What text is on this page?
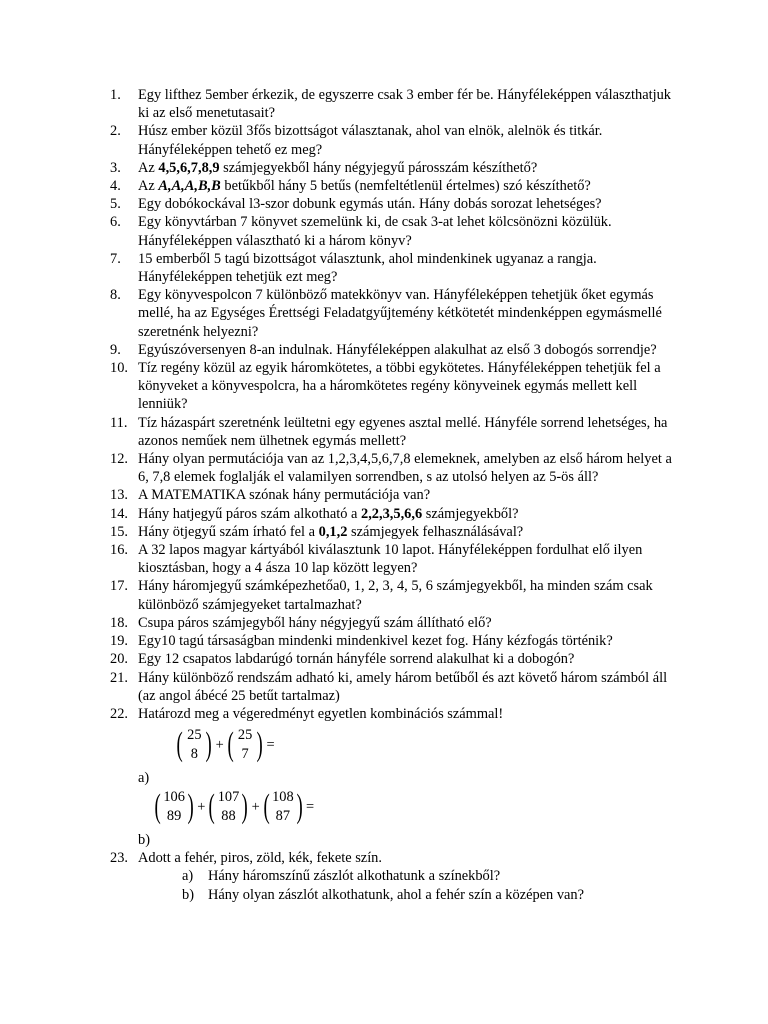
1. Egy lifthez 5ember érkezik, de egyszerre csak 3 ember fér be. Hányféleképpen választhatjuk ki az első menetutasait?
2. Húsz ember közül 3fős bizottságot választanak, ahol van elnök, alelnök és titkár. Hányféleképpen tehető ez meg?
3. Az 4,5,6,7,8,9 számjegyekből hány négyjegyű párosszám készíthető?
4. Az A,A,A,B,B betűkből hány 5 betűs (nemfeltétlenül értelmes) szó készíthető?
5. Egy dobókockával l3-szor dobunk egymás után. Hány dobás sorozat lehetséges?
6. Egy könyvtárban 7 könyvet szemelünk ki, de csak 3-at lehet kölcsönözni közülük. Hányféleképpen választható ki a három könyv?
7. 15 emberből 5 tagú bizottságot választunk, ahol mindenkinek ugyanaz a rangja. Hányféleképpen tehetjük ezt meg?
8. Egy könyvespolcon 7 különböző matekkönyv van. Hányféleképpen tehetjük őket egymás mellé, ha az Egységes Érettségi Feladatgyűjtemény kétkötetét mindenképpen egymásmellé szeretnénk helyezni?
9. Egyúszóversenyen 8-an indulnak. Hányféleképpen alakulhat az első 3 dobogós sorrendje?
10. Tíz regény közül az egyik háromkötetes, a többi egykötetes. Hányféleképpen tehetjük fel a könyveket a könyvespolcra, ha a háromkötetes regény könyveinek egymás mellett kell lenniük?
11. Tíz házaspárt szeretnénk leültetni egy egyenes asztal mellé. Hányféle sorrend lehetséges, ha azonos neműek nem ülhetnek egymás mellett?
12. Hány olyan permutációja van az 1,2,3,4,5,6,7,8 elemeknek, amelyben az első három helyet a 6, 7,8 elemek foglalják el valamilyen sorrendben, s az utolsó helyen az 5-ös áll?
13. A MATEMATIKA szónak hány permutációja van?
14. Hány hatjegyű páros szám alkotható a 2,2,3,5,6,6 számjegyekből?
15. Hány ötjegyű szám írható fel a 0,1,2 számjegyek felhasználásával?
16. A 32 lapos magyar kártyából kiválasztunk 10 lapot. Hányféleképpen fordulhat elő ilyen kiosztásban, hogy a 4 ásza 10 lap között legyen?
17. Hány háromjegyű számképezhetőa0, 1, 2, 3, 4, 5, 6 számjegyekből, ha minden szám csak különböző számjegyeket tartalmazhat?
18. Csupa páros számjegyből hány négyjegyű szám állítható elő?
19. Egy10 tagú társaságban mindenki mindenkivel kezet fog. Hány kézfogás történik?
20. Egy 12 csapatos labdarúgó tornán hányféle sorrend alakulhat ki a dobogón?
21. Hány különböző rendszám adható ki, amely három betűből és azt követő három számból áll (az angol ábécé 25 betűt tartalmaz)
22. Határozd meg a végeredményt egyetlen kombinációs számmal!
( 25
8 ) + ( 25
7 ) =
a)
( 106
89 ) + ( 107
88 ) + ( 108
87 ) =
b)
23. Adott a fehér, piros, zöld, kék, fekete szín.
a) Hány háromszínű zászlót alkothatunk a színekből?
b) Hány olyan zászlót alkothatunk, ahol a fehér szín a középen van?
